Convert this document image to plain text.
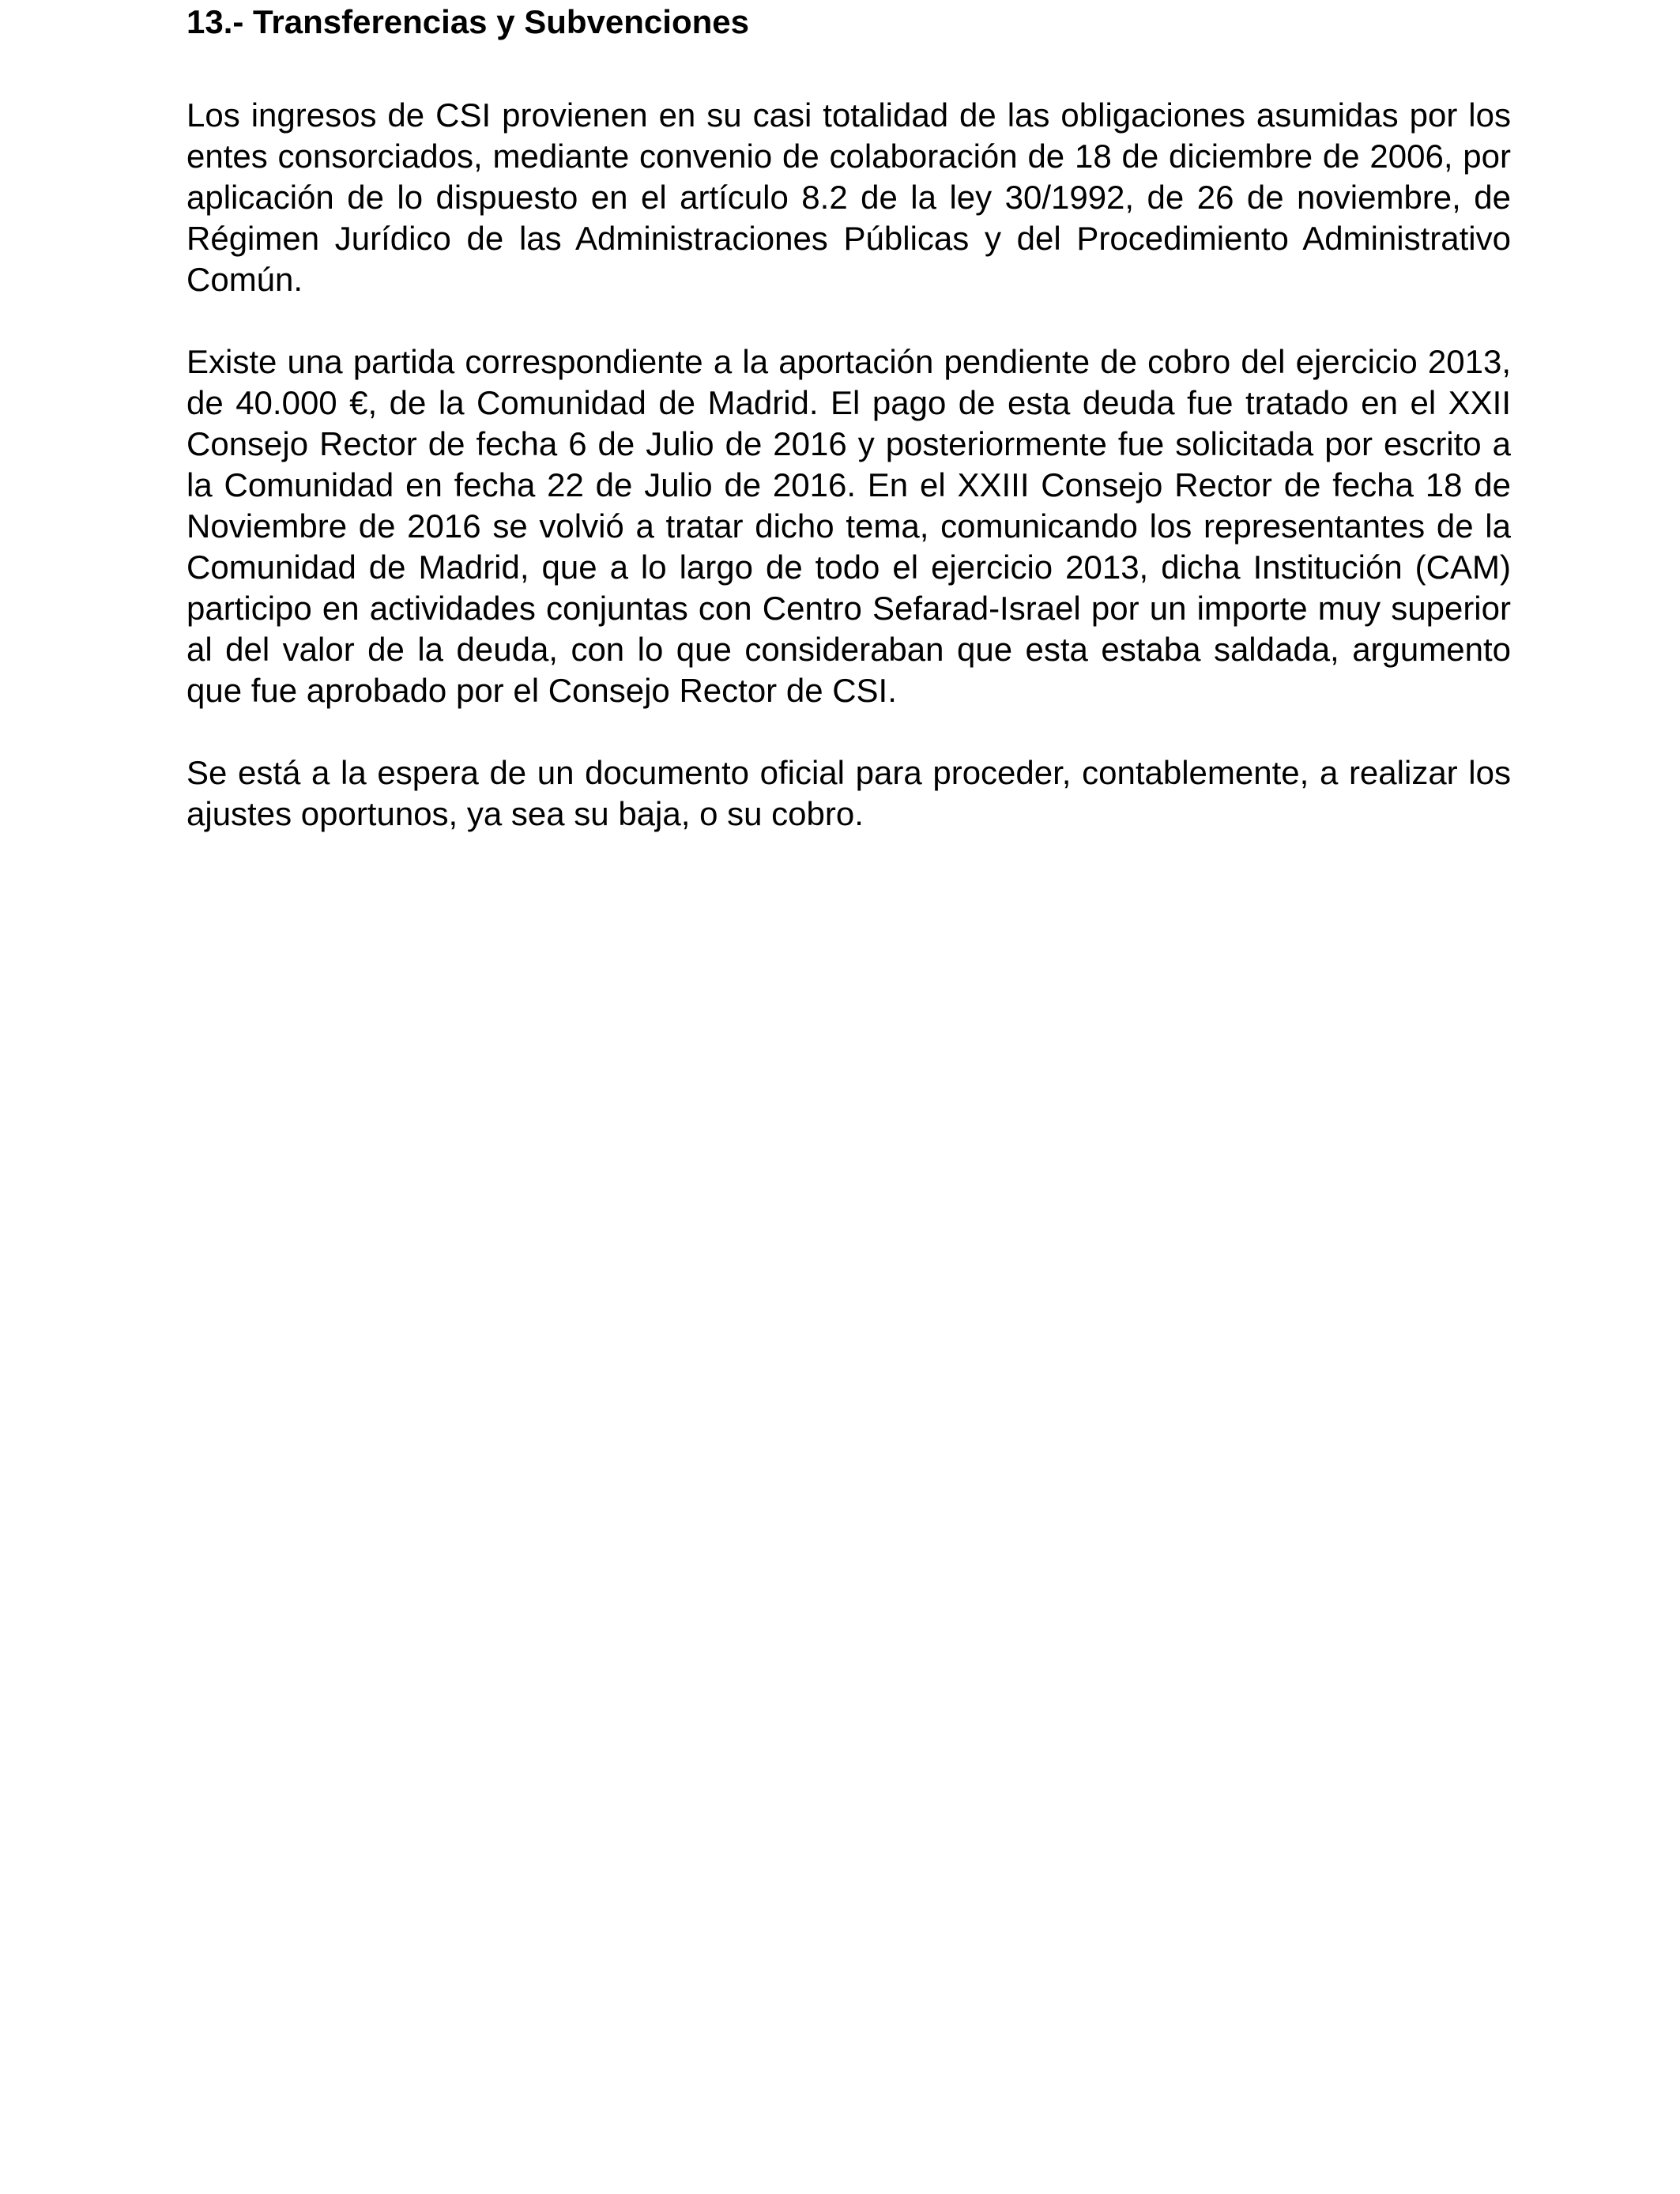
13.- Transferencias y Subvenciones

Los ingresos de CSI provienen en su casi totalidad de las obligaciones asumidas por los entes consorciados, mediante convenio de colaboración de 18 de diciembre de 2006, por aplicación de lo dispuesto en el artículo 8.2 de la ley 30/1992, de 26 de noviembre, de Régimen Jurídico de las Administraciones Públicas y del Procedimiento Administrativo Común.

Existe una partida correspondiente a la aportación pendiente de cobro del ejercicio 2013, de 40.000 €, de la Comunidad de Madrid. El pago de esta deuda fue tratado en el XXII Consejo Rector de fecha 6 de Julio de 2016 y posteriormente fue solicitada por escrito a la Comunidad en fecha 22 de Julio de 2016. En el XXIII Consejo Rector de fecha 18 de Noviembre de 2016 se volvió a tratar dicho tema, comunicando los representantes de la Comunidad de Madrid, que a lo largo de todo el ejercicio 2013, dicha Institución (CAM) participo en actividades conjuntas con Centro Sefarad-Israel por un importe muy superior al del valor de la deuda, con lo que consideraban que esta estaba saldada, argumento que fue aprobado por el Consejo Rector de CSI.

Se está a la espera de un documento oficial para proceder, contablemente, a realizar los ajustes oportunos, ya sea su baja, o su cobro.
